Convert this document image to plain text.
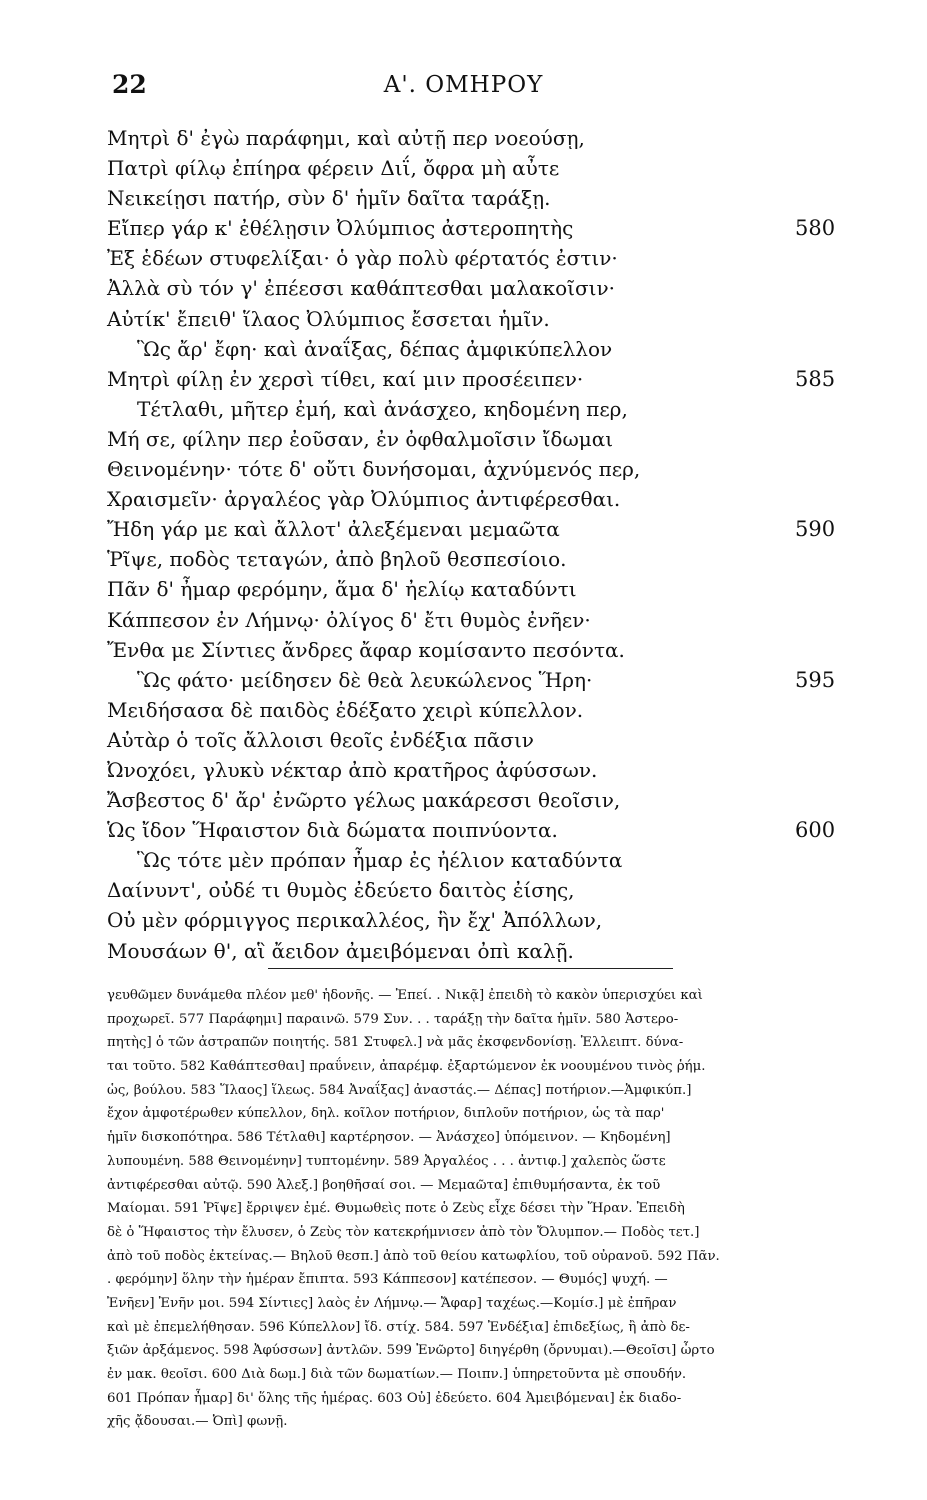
22	Α'. ΟΜΗΡΟΥ
Μητρὶ δ' ἐγὼ παράφημι, καὶ αὐτῇ περ νοεούσῃ,
Πατρὶ φίλῳ ἐπίηρα φέρειν Διΐ, ὄφρα μὴ αὖτε
Νεικείῃσι πατήρ, σὺν δ' ἡμῖν δαῖτα ταράξῃ.
Εἴπερ γάρ κ' ἐθέλῃσιν Ὀλύμπιος ἀστεροπητὴς	580
Ἐξ ἑδέων στυφελίξαι· ὁ γὰρ πολὺ φέρτατός ἐστιν·
Ἀλλὰ σὺ τόν γ' ἐπέεσσι καθάπτεσθαι μαλακοῖσιν·
Αὐτίκ' ἔπειθ' ἵλαος Ὀλύμπιος ἔσσεται ἡμῖν.
Ὣς ἄρ' ἔφη· καὶ ἀναΐξας, δέπας ἀμφικύπελλον
Μητρὶ φίλῃ ἐν χερσὶ τίθει, καί μιν προσέειπεν·	585
Τέτλαθι, μῆτερ ἐμή, καὶ ἀνάσχεο, κηδομένη περ,
Μή σε, φίλην περ ἐοῦσαν, ἐν ὀφθαλμοῖσιν ἴδωμαι
Θεινομένην· τότε δ' οὔτι δυνήσομαι, ἀχνύμενός περ,
Χραισμεῖν· ἀργαλέος γὰρ Ὀλύμπιος ἀντιφέρεσθαι.
Ἤδη γάρ με καὶ ἄλλοτ' ἀλεξέμεναι μεμαῶτα	590
Ῥῖψε, ποδὸς τεταγών, ἀπὸ βηλοῦ θεσπεσίοιο.
Πᾶν δ' ἦμαρ φερόμην, ἅμα δ' ἠελίῳ καταδύντι
Κάππεσον ἐν Λήμνῳ· ὀλίγος δ' ἔτι θυμὸς ἐνῆεν·
Ἔνθα με Σίντιες ἄνδρες ἄφαρ κομίσαντο πεσόντα.
Ὣς φάτο· μείδησεν δὲ θεὰ λευκώλενος Ἥρη·	595
Μειδήσασα δὲ παιδὸς ἐδέξατο χειρὶ κύπελλον.
Αὐτὰρ ὁ τοῖς ἄλλοισι θεοῖς ἐνδέξια πᾶσιν
Ὠνοχόει, γλυκὺ νέκταρ ἀπὸ κρατῆρος ἀφύσσων.
Ἄσβεστος δ' ἄρ' ἐνῶρτο γέλως μακάρεσσι θεοῖσιν,
Ὡς ἴδον Ἥφαιστον διὰ δώματα ποιπνύοντα.	600
Ὣς τότε μὲν πρόπαν ἦμαρ ἐς ἠέλιον καταδύντα
Δαίνυντ', οὐδέ τι θυμὸς ἐδεύετο δαιτὸς ἐίσης,
Οὐ μὲν φόρμιγγος περικαλλέος, ἣν ἔχ' Ἀπόλλων,
Μουσάων θ', αἳ ἄειδον ἀμειβόμεναι ὀπὶ καλῇ.
γευθῶμεν δυνάμεθα πλέον μεθ' ἡδονῆς. — Ἐπεί. . Νικᾷ] ἐπειδὴ τὸ κακὸν ὑπερισχύει καὶ
προχωρεῖ. 577 Παράφημι] παραινῶ. 579 Συν. . . ταράξῃ τὴν δαῖτα ἡμῖν. 580 Ἀστερο-
πητὴς] ὁ τῶν ἀστραπῶν ποιητής. 581 Στυφελ.] νὰ μᾶς ἐκσφενδονίσῃ. Ἐλλειπτ. δύνα-
ται τοῦτο. 582 Καθάπτεσθαι] πραΰνειν, ἀπαρέμφ. ἐξαρτώμενον ἐκ νοουμένου τινὸς ῥήμ.
ὡς, βούλου. 583 Ἵλαος] ἵλεως. 584 Ἀναΐξας] ἀναστάς.— Δέπας] ποτήριον.—Ἀμφικύπ.]
ἔχον ἀμφοτέρωθεν κύπελλον, δηλ. κοῖλον ποτήριον, διπλοῦν ποτήριον, ὡς τὰ παρ'
ἡμῖν δισκοπότηρα. 586 Τέτλαθι] καρτέρησον. — Ἀνάσχεο] ὑπόμεινον. — Κηδομένη]
λυπουμένη. 588 Θεινομένην] τυπτομένην. 589 Ἀργαλέος . . . ἀντιφ.] χαλεπὸς ὥστε
ἀντιφέρεσθαι αὐτῷ. 590 Ἀλεξ.] βοηθῆσαί σοι. — Μεμαῶτα] ἐπιθυμήσαντα, ἐκ τοῦ
Μαίομαι. 591 Ῥῖψε] ἔρριψεν ἐμέ. Θυμωθεὶς ποτε ὁ Ζεὺς εἶχε δέσει τὴν Ἥραν. Ἐπειδὴ
δὲ ὁ Ἥφαιστος τὴν ἔλυσεν, ὁ Ζεὺς τὸν κατεκρήμνισεν ἀπὸ τὸν Ὄλυμπον.— Ποδὸς τετ.]
ἀπὸ τοῦ ποδὸς ἐκτείνας.— Βηλοῦ θεσπ.] ἀπὸ τοῦ θείου κατωφλίου, τοῦ οὐρανοῦ. 592 Πᾶν.
. φερόμην] ὅλην τὴν ἡμέραν ἔπιπτα. 593 Κάππεσον] κατέπεσον. — Θυμός] ψυχή. —
Ἐνῆεν] Ἐνῆν μοι. 594 Σίντιες] λαὸς ἐν Λήμνῳ.— Ἄφαρ] ταχέως.—Κομίσ.] μὲ ἐπῆραν
καὶ μὲ ἐπεμελήθησαν. 596 Κύπελλον] ἴδ. στίχ. 584. 597 Ἐνδέξια] ἐπιδεξίως, ἢ ἀπὸ δε-
ξιῶν ἀρξάμενος. 598 Ἀφύσσων] ἀντλῶν. 599 Ἐνῶρτο] διηγέρθη (ὄρνυμαι).—Θεοῖσι] ὦρτο
ἐν μακ. θεοῖσι. 600 Διὰ δωμ.] διὰ τῶν δωματίων.— Ποιπν.] ὑπηρετοῦντα μὲ σπουδήν.
601 Πρόπαν ἦμαρ] δι' ὅλης τῆς ἡμέρας. 603 Οὐ] ἐδεύετο. 604 Ἀμειβόμεναι] ἐκ διαδο-
χῆς ᾄδουσαι.— Ὀπὶ] φωνῇ.
